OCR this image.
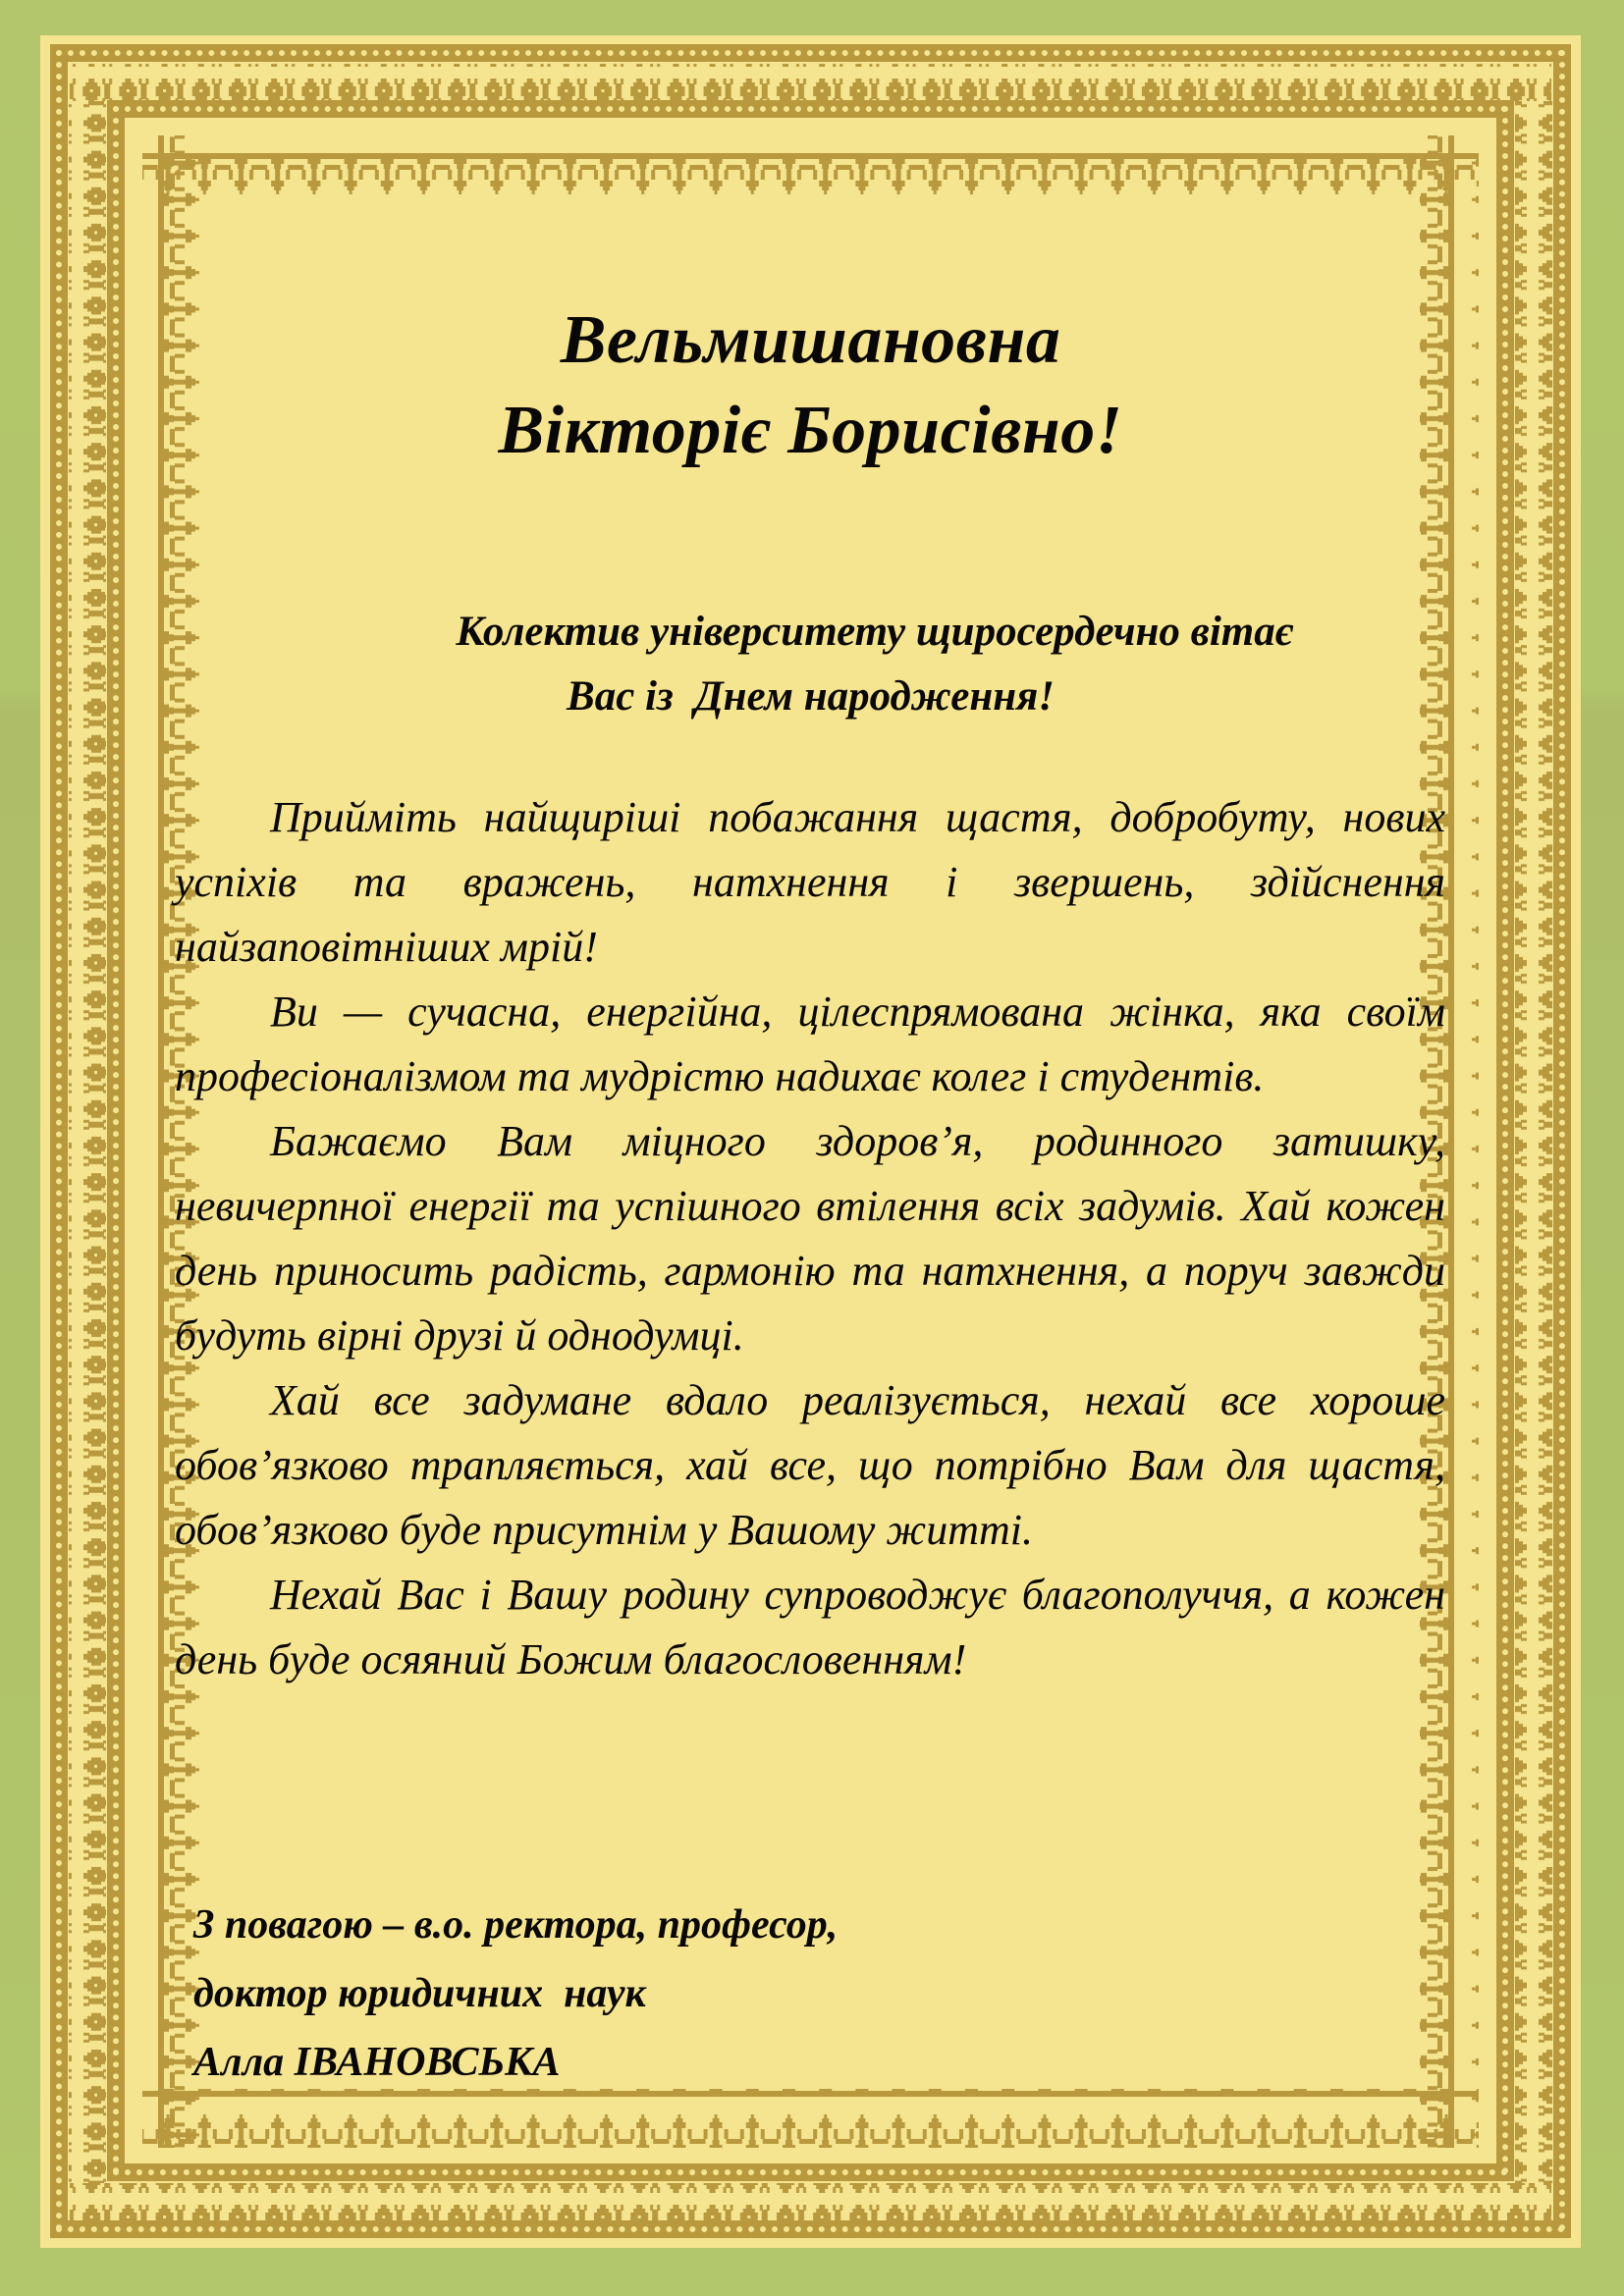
Вельмишановна
Вікторіє Борисівно!
Колектив університету щиросердечно вітає
Вас із  Днем народження!

Прийміть найщиріші побажання щастя, добробуту, нових успіхів та вражень, натхнення і звершень, здійснення найзаповітніших мрій!

Ви — сучасна, енергійна, цілеспрямована жінка, яка своїм професіоналізмом та мудрістю надихає колег і студентів.

Бажаємо Вам міцного здоров’я, родинного затишку, невичерпної енергії та успішного втілення всіх задумів. Хай кожен день приносить радість, гармонію та натхнення, а поруч завжди будуть вірні друзі й однодумці.

Хай все задумане вдало реалізується, нехай все хороше обов’язково трапляється, хай все, що потрібно Вам для щастя, обов’язково буде присутнім у Вашому житті.

Нехай Вас і Вашу родину супроводжує благополуччя, а кожен день буде осяяний Божим благословенням!

З повагою – в.о. ректора, професор,
доктор юридичних  наук
Алла ІВАНОВСЬКА
